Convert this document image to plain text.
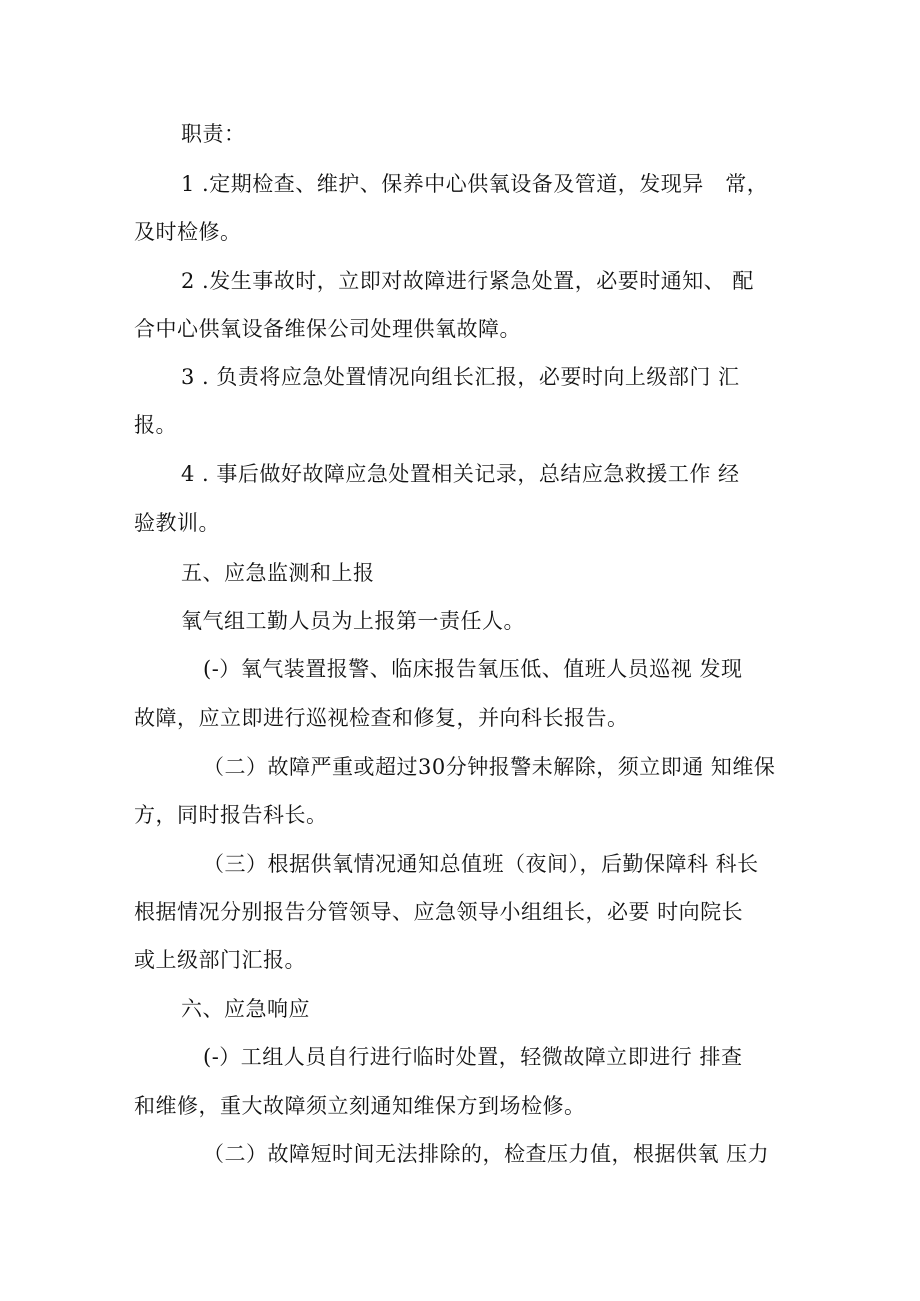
职责：
1 .定期检查、维护、保养中心供氧设备及管道，发现异　常，
及时检修。
2 .发生事故时，立即对故障进行紧急处置，必要时通知、 配
合中心供氧设备维保公司处理供氧故障。
3 . 负责将应急处置情况向组长汇报，必要时向上级部门 汇
报。
4 . 事后做好故障应急处置相关记录，总结应急救援工作 经
验教训。
五、应急监测和上报
氧气组工勤人员为上报第一责任人。
(-）氧气装置报警、临床报告氧压低、值班人员巡视 发现
故障，应立即进行巡视检查和修复，并向科长报告。
（二）故障严重或超过30分钟报警未解除，须立即通 知维保
方，同时报告科长。
（三）根据供氧情况通知总值班（夜间），后勤保障科 科长
根据情况分别报告分管领导、应急领导小组组长，必要 时向院长
或上级部门汇报。
六、应急响应
(-）工组人员自行进行临时处置，轻微故障立即进行 排查
和维修，重大故障须立刻通知维保方到场检修。
（二）故障短时间无法排除的，检查压力值，根据供氧 压力
